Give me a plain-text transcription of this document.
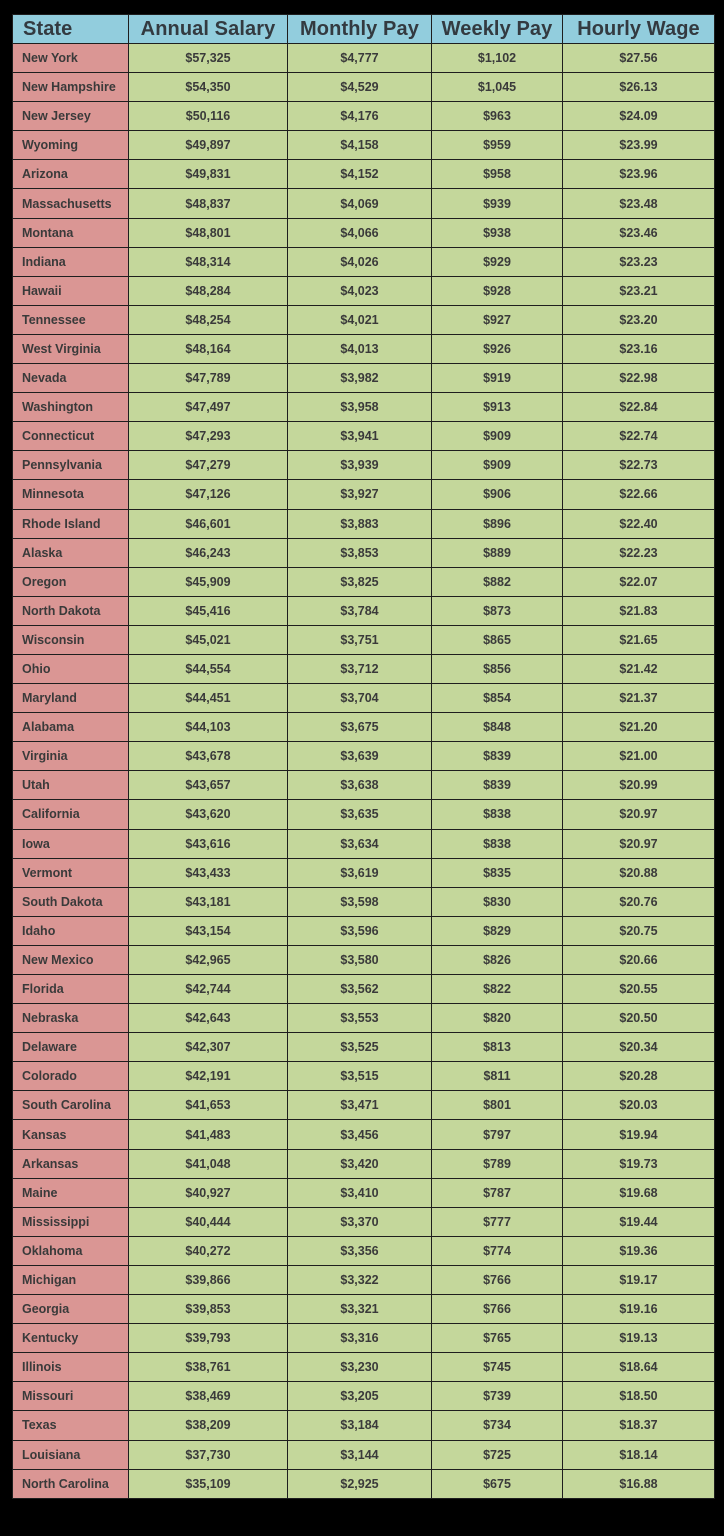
State	Annual Salary	Monthly Pay	Weekly Pay	Hourly Wage
New York	$57,325	$4,777	$1,102	$27.56
New Hampshire	$54,350	$4,529	$1,045	$26.13
New Jersey	$50,116	$4,176	$963	$24.09
Wyoming	$49,897	$4,158	$959	$23.99
Arizona	$49,831	$4,152	$958	$23.96
Massachusetts	$48,837	$4,069	$939	$23.48
Montana	$48,801	$4,066	$938	$23.46
Indiana	$48,314	$4,026	$929	$23.23
Hawaii	$48,284	$4,023	$928	$23.21
Tennessee	$48,254	$4,021	$927	$23.20
West Virginia	$48,164	$4,013	$926	$23.16
Nevada	$47,789	$3,982	$919	$22.98
Washington	$47,497	$3,958	$913	$22.84
Connecticut	$47,293	$3,941	$909	$22.74
Pennsylvania	$47,279	$3,939	$909	$22.73
Minnesota	$47,126	$3,927	$906	$22.66
Rhode Island	$46,601	$3,883	$896	$22.40
Alaska	$46,243	$3,853	$889	$22.23
Oregon	$45,909	$3,825	$882	$22.07
North Dakota	$45,416	$3,784	$873	$21.83
Wisconsin	$45,021	$3,751	$865	$21.65
Ohio	$44,554	$3,712	$856	$21.42
Maryland	$44,451	$3,704	$854	$21.37
Alabama	$44,103	$3,675	$848	$21.20
Virginia	$43,678	$3,639	$839	$21.00
Utah	$43,657	$3,638	$839	$20.99
California	$43,620	$3,635	$838	$20.97
Iowa	$43,616	$3,634	$838	$20.97
Vermont	$43,433	$3,619	$835	$20.88
South Dakota	$43,181	$3,598	$830	$20.76
Idaho	$43,154	$3,596	$829	$20.75
New Mexico	$42,965	$3,580	$826	$20.66
Florida	$42,744	$3,562	$822	$20.55
Nebraska	$42,643	$3,553	$820	$20.50
Delaware	$42,307	$3,525	$813	$20.34
Colorado	$42,191	$3,515	$811	$20.28
South Carolina	$41,653	$3,471	$801	$20.03
Kansas	$41,483	$3,456	$797	$19.94
Arkansas	$41,048	$3,420	$789	$19.73
Maine	$40,927	$3,410	$787	$19.68
Mississippi	$40,444	$3,370	$777	$19.44
Oklahoma	$40,272	$3,356	$774	$19.36
Michigan	$39,866	$3,322	$766	$19.17
Georgia	$39,853	$3,321	$766	$19.16
Kentucky	$39,793	$3,316	$765	$19.13
Illinois	$38,761	$3,230	$745	$18.64
Missouri	$38,469	$3,205	$739	$18.50
Texas	$38,209	$3,184	$734	$18.37
Louisiana	$37,730	$3,144	$725	$18.14
North Carolina	$35,109	$2,925	$675	$16.88
